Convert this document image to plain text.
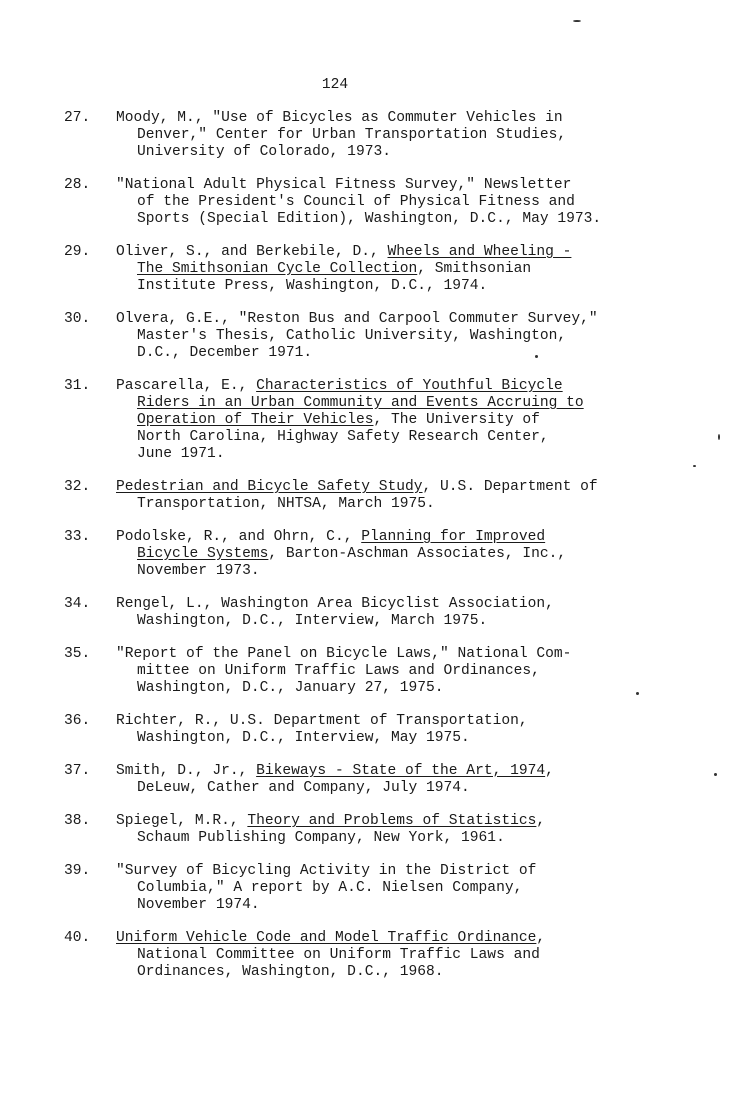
124
27.	Moody, M., "Use of Bicycles as Commuter Vehicles in
Denver," Center for Urban Transportation Studies,
University of Colorado, 1973.
28.	"National Adult Physical Fitness Survey," Newsletter
of the President's Council of Physical Fitness and
Sports (Special Edition), Washington, D.C., May 1973.
29.	Oliver, S., and Berkebile, D., Wheels and Wheeling -
The Smithsonian Cycle Collection, Smithsonian
Institute Press, Washington, D.C., 1974.
30.	Olvera, G.E., "Reston Bus and Carpool Commuter Survey,"
Master's Thesis, Catholic University, Washington,
D.C., December 1971.
31.	Pascarella, E., Characteristics of Youthful Bicycle
Riders in an Urban Community and Events Accruing to
Operation of Their Vehicles, The University of
North Carolina, Highway Safety Research Center,
June 1971.
32.	Pedestrian and Bicycle Safety Study, U.S. Department of
Transportation, NHTSA, March 1975.
33.	Podolske, R., and Ohrn, C., Planning for Improved
Bicycle Systems, Barton-Aschman Associates, Inc.,
November 1973.
34.	Rengel, L., Washington Area Bicyclist Association,
Washington, D.C., Interview, March 1975.
35.	"Report of the Panel on Bicycle Laws," National Com-
mittee on Uniform Traffic Laws and Ordinances,
Washington, D.C., January 27, 1975.
36.	Richter, R., U.S. Department of Transportation,
Washington, D.C., Interview, May 1975.
37.	Smith, D., Jr., Bikeways - State of the Art, 1974,
DeLeuw, Cather and Company, July 1974.
38.	Spiegel, M.R., Theory and Problems of Statistics,
Schaum Publishing Company, New York, 1961.
39.	"Survey of Bicycling Activity in the District of
Columbia," A report by A.C. Nielsen Company,
November 1974.
40.	Uniform Vehicle Code and Model Traffic Ordinance,
National Committee on Uniform Traffic Laws and
Ordinances, Washington, D.C., 1968.
